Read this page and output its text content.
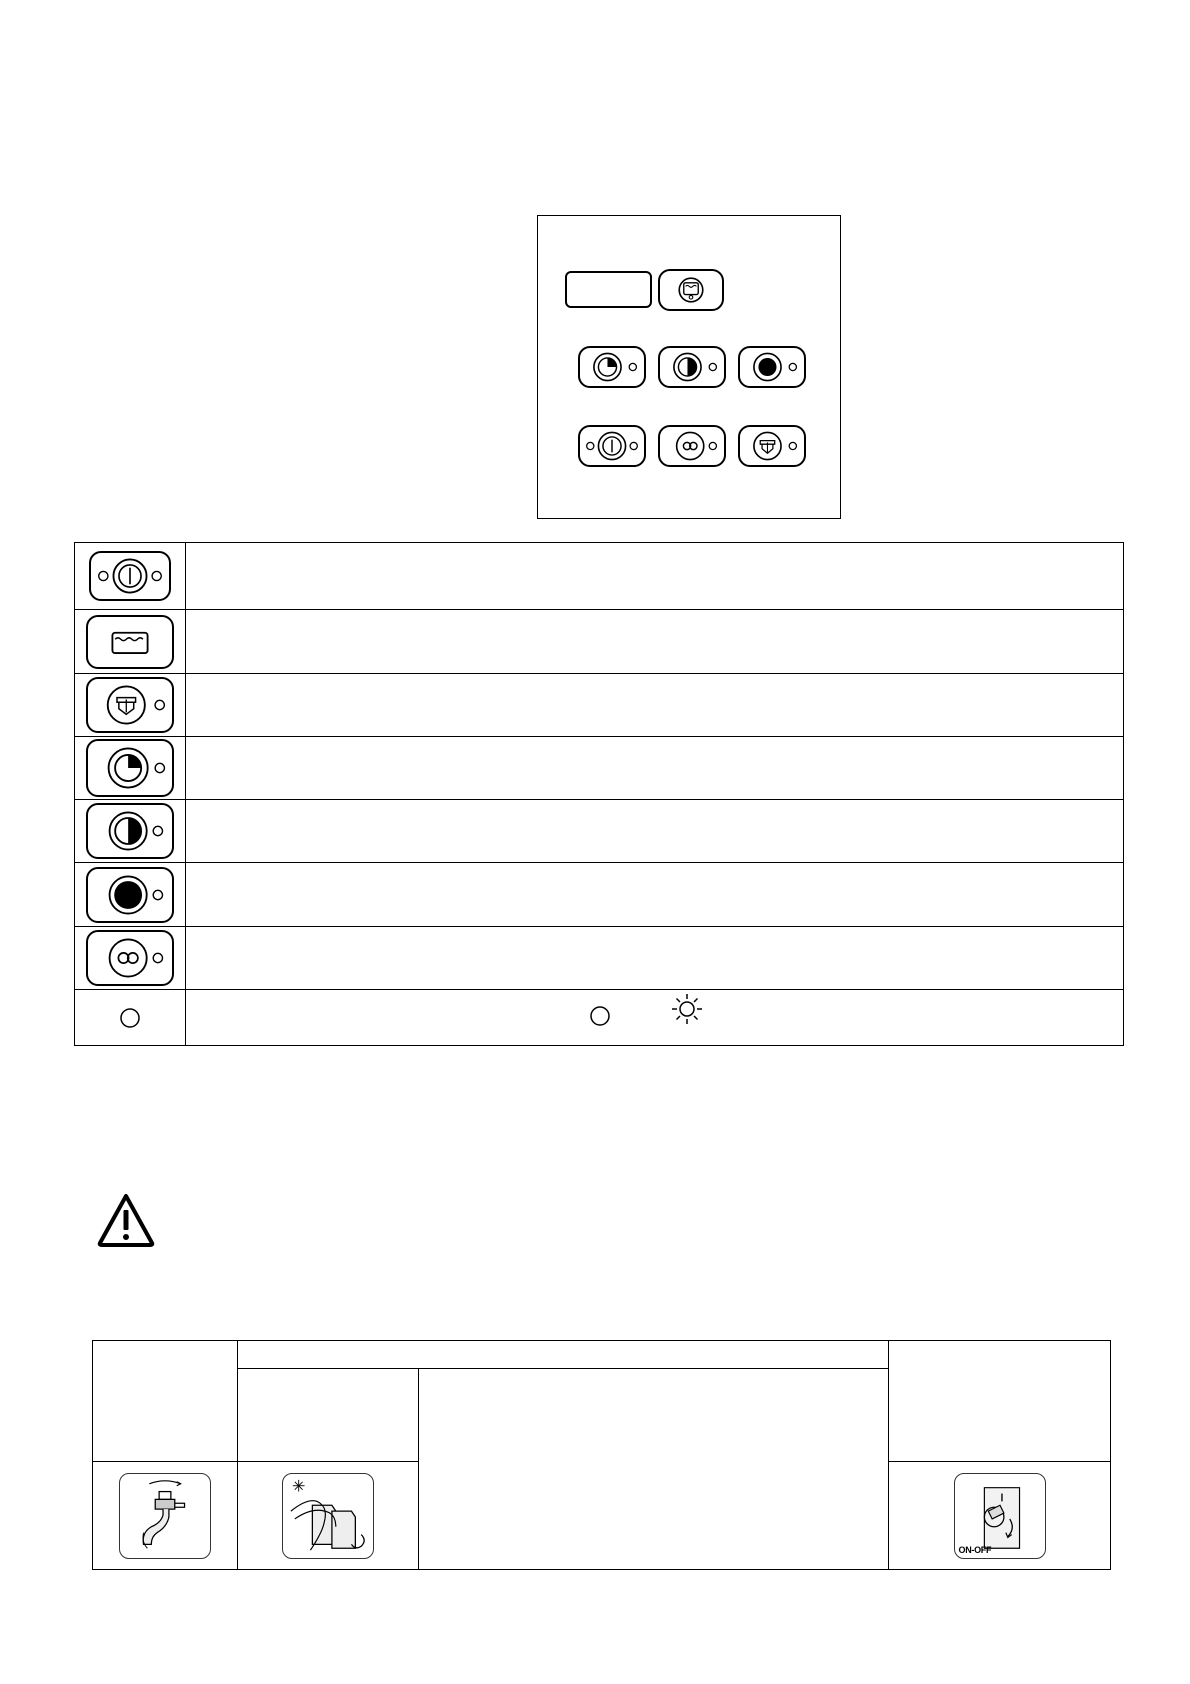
ON-OFF
